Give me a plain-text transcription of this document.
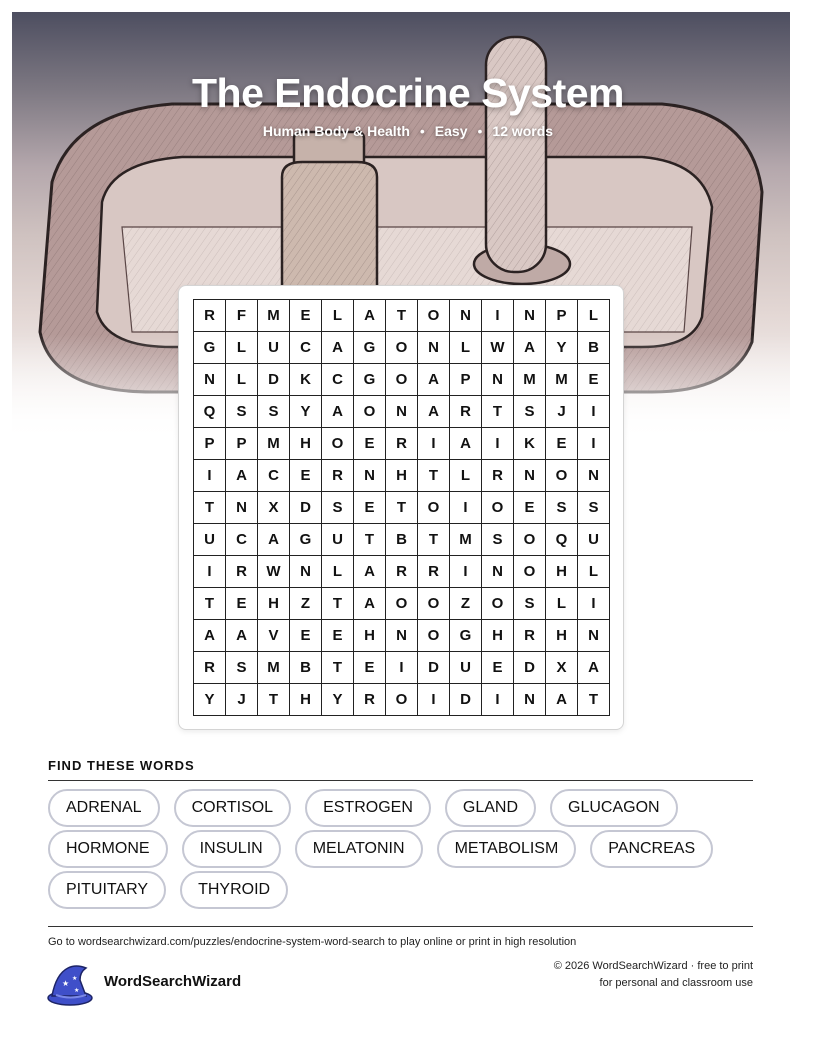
The Endocrine System
Human Body & Health • Easy • 12 words
R	F	M	E	L	A	T	O	N	I	N	P	L
G	L	U	C	A	G	O	N	L	W	A	Y	B
N	L	D	K	C	G	O	A	P	N	M	M	E
Q	S	S	Y	A	O	N	A	R	T	S	J	I
P	P	M	H	O	E	R	I	A	I	K	E	I
I	A	C	E	R	N	H	T	L	R	N	O	N
T	N	X	D	S	E	T	O	I	O	E	S	S
U	C	A	G	U	T	B	T	M	S	O	Q	U
I	R	W	N	L	A	R	R	I	N	O	H	L
T	E	H	Z	T	A	O	O	Z	O	S	L	I
A	A	V	E	E	H	N	O	G	H	R	H	N
R	S	M	B	T	E	I	D	U	E	D	X	A
Y	J	T	H	Y	R	O	I	D	I	N	A	T
FIND THESE WORDS
ADRENAL	CORTISOL	ESTROGEN	GLAND	GLUCAGON
HORMONE	INSULIN	MELATONIN	METABOLISM	PANCREAS
PITUITARY	THYROID
Go to wordsearchwizard.com/puzzles/endocrine-system-word-search to play online or print in high resolution
★
★
★
WordSearchWizard
© 2026 WordSearchWizard · free to print for personal and classroom use
